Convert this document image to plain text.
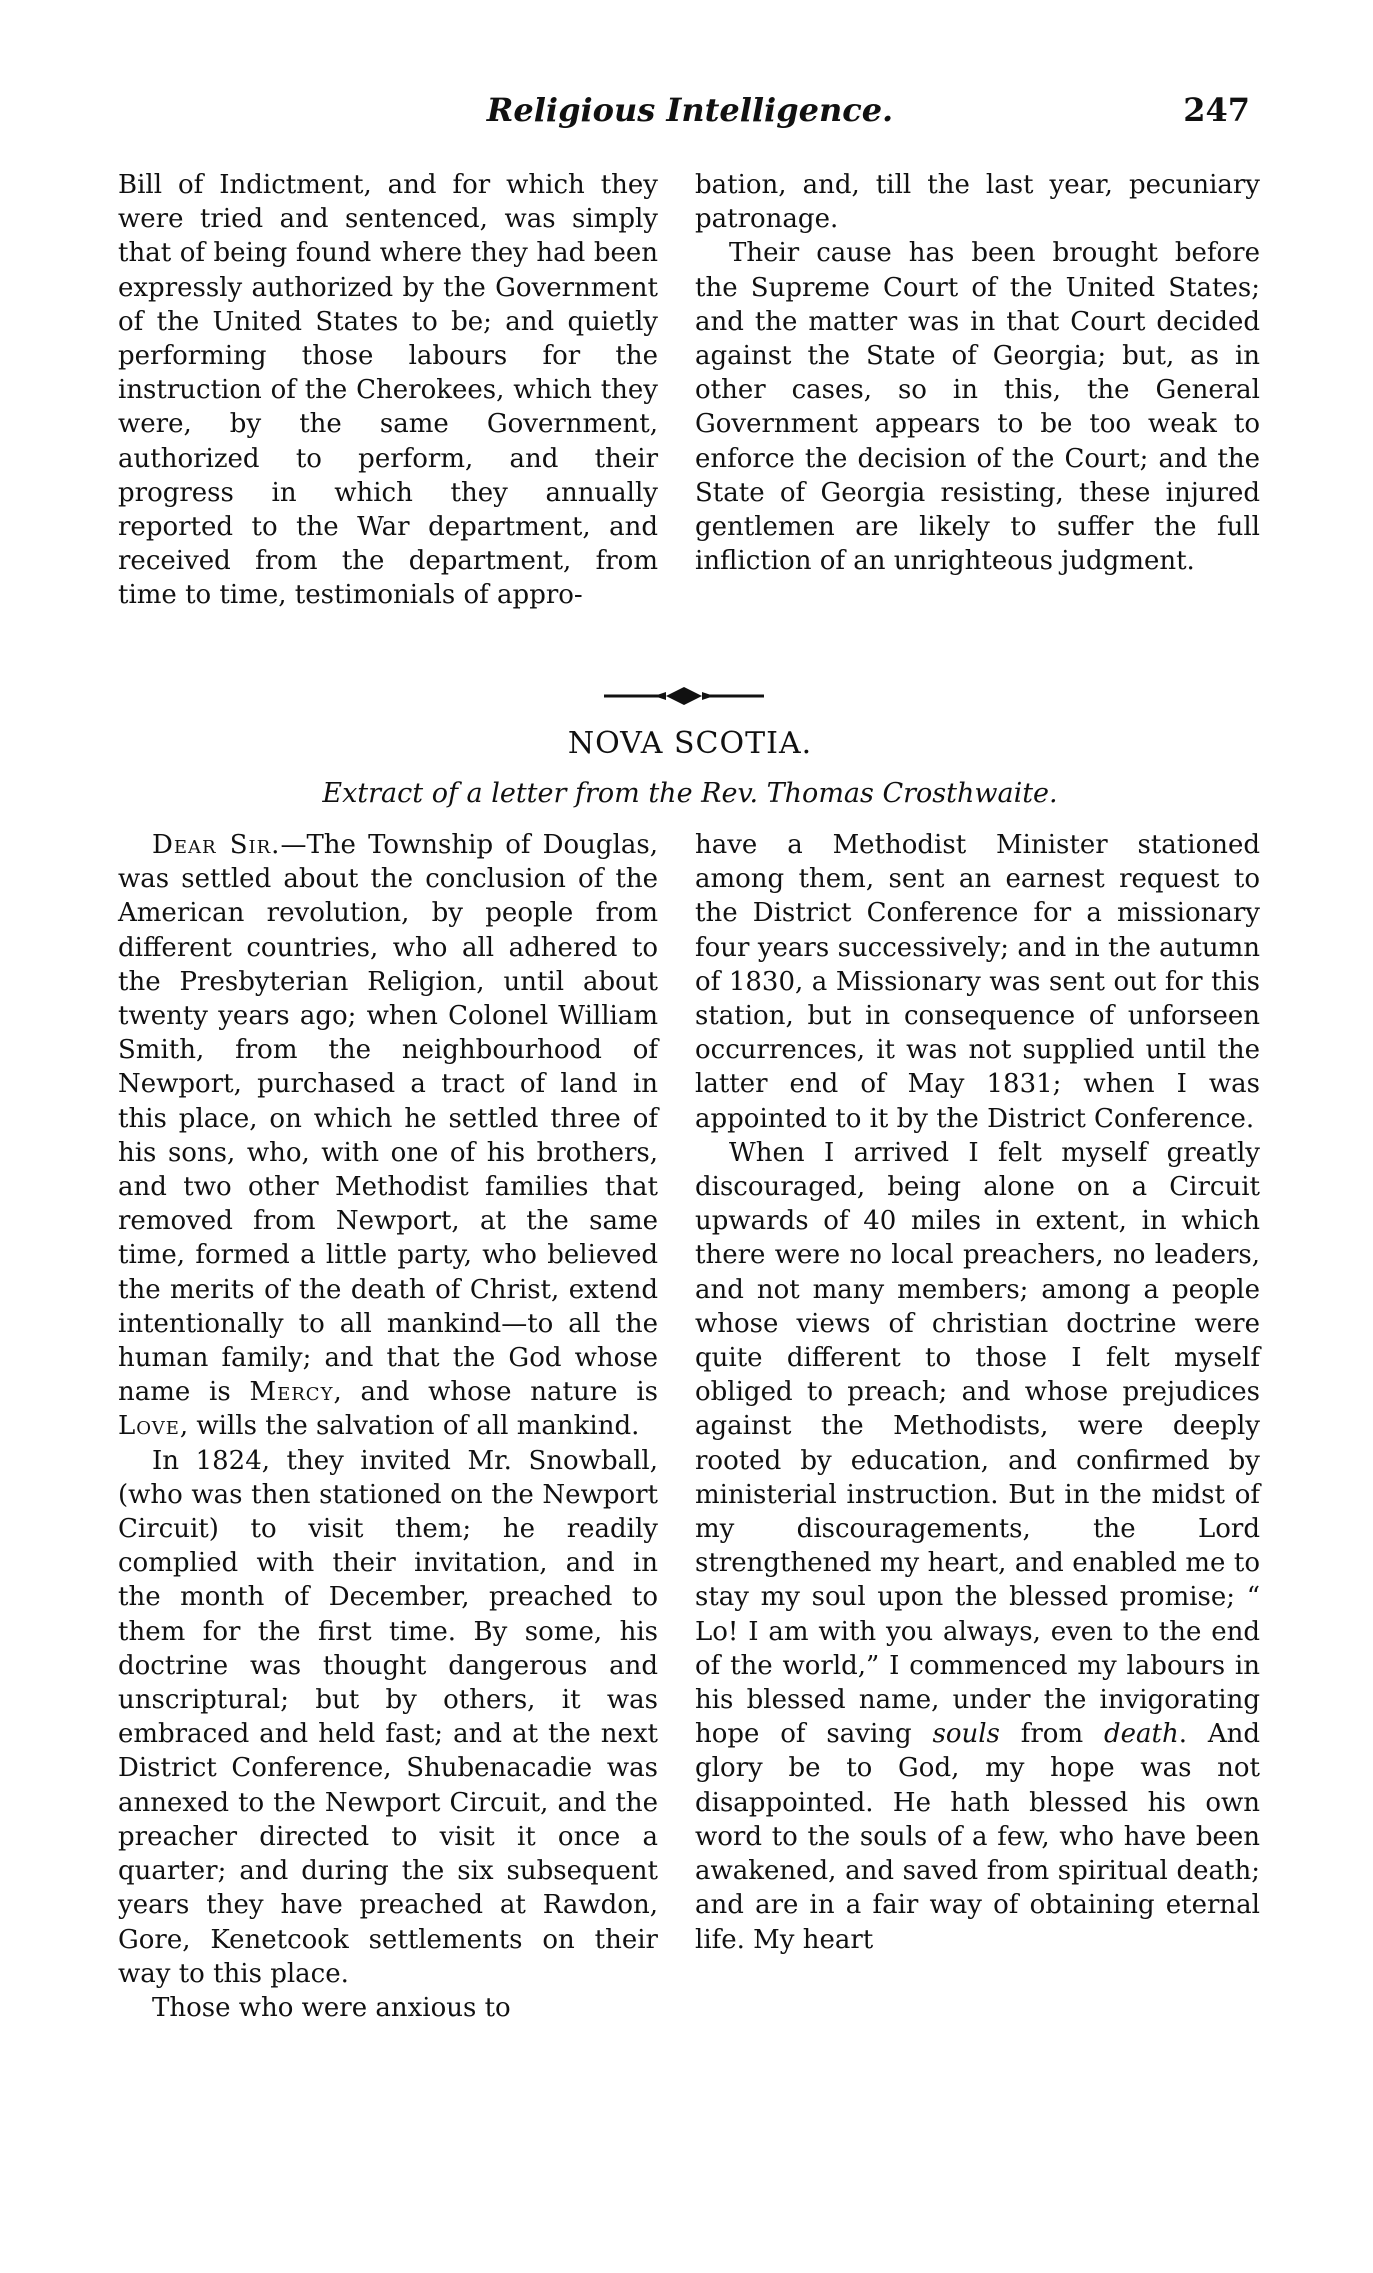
Religious Intelligence.	247

Bill of Indictment, and for which they were tried and sentenced, was simply that of being found where they had been expressly authorized by the Government of the United States to be; and quietly performing those labours for the instruction of the Cherokees, which they were, by the same Government, authorized to perform, and their progress in which they annually reported to the War department, and received from the department, from time to time, testimonials of appro-

bation, and, till the last year, pecuniary patronage.

Their cause has been brought before the Supreme Court of the United States; and the matter was in that Court decided against the State of Georgia; but, as in other cases, so in this, the General Government appears to be too weak to enforce the decision of the Court; and the State of Georgia resisting, these injured gentlemen are likely to suffer the full infliction of an unrighteous judgment.

NOVA SCOTIA.
Extract of a letter from the Rev. Thomas Crosthwaite.

Dear Sir.—The Township of Douglas, was settled about the conclusion of the American revolution, by people from different countries, who all adhered to the Presbyterian Religion, until about twenty years ago; when Colonel William Smith, from the neighbourhood of Newport, purchased a tract of land in this place, on which he settled three of his sons, who, with one of his brothers, and two other Methodist families that removed from Newport, at the same time, formed a little party, who believed the merits of the death of Christ, extend intentionally to all mankind—to all the human family; and that the God whose name is Mercy, and whose nature is Love, wills the salvation of all mankind.

In 1824, they invited Mr. Snowball, (who was then stationed on the Newport Circuit) to visit them; he readily complied with their invitation, and in the month of December, preached to them for the first time. By some, his doctrine was thought dangerous and unscriptural; but by others, it was embraced and held fast; and at the next District Conference, Shubenacadie was annexed to the Newport Circuit, and the preacher directed to visit it once a quarter; and during the six subsequent years they have preached at Rawdon, Gore, Kenetcook settlements on their way to this place.

Those who were anxious to

have a Methodist Minister stationed among them, sent an earnest request to the District Conference for a missionary four years successively; and in the autumn of 1830, a Missionary was sent out for this station, but in consequence of unforseen occurrences, it was not supplied until the latter end of May 1831; when I was appointed to it by the District Conference.

When I arrived I felt myself greatly discouraged, being alone on a Circuit upwards of 40 miles in extent, in which there were no local preachers, no leaders, and not many members; among a people whose views of christian doctrine were quite different to those I felt myself obliged to preach; and whose prejudices against the Methodists, were deeply rooted by education, and confirmed by ministerial instruction. But in the midst of my discouragements, the Lord strengthened my heart, and enabled me to stay my soul upon the blessed promise; “ Lo! I am with you always, even to the end of the world,” I commenced my labours in his blessed name, under the invigorating hope of saving souls from death. And glory be to God, my hope was not disappointed. He hath blessed his own word to the souls of a few, who have been awakened, and saved from spiritual death; and are in a fair way of obtaining eternal life. My heart
